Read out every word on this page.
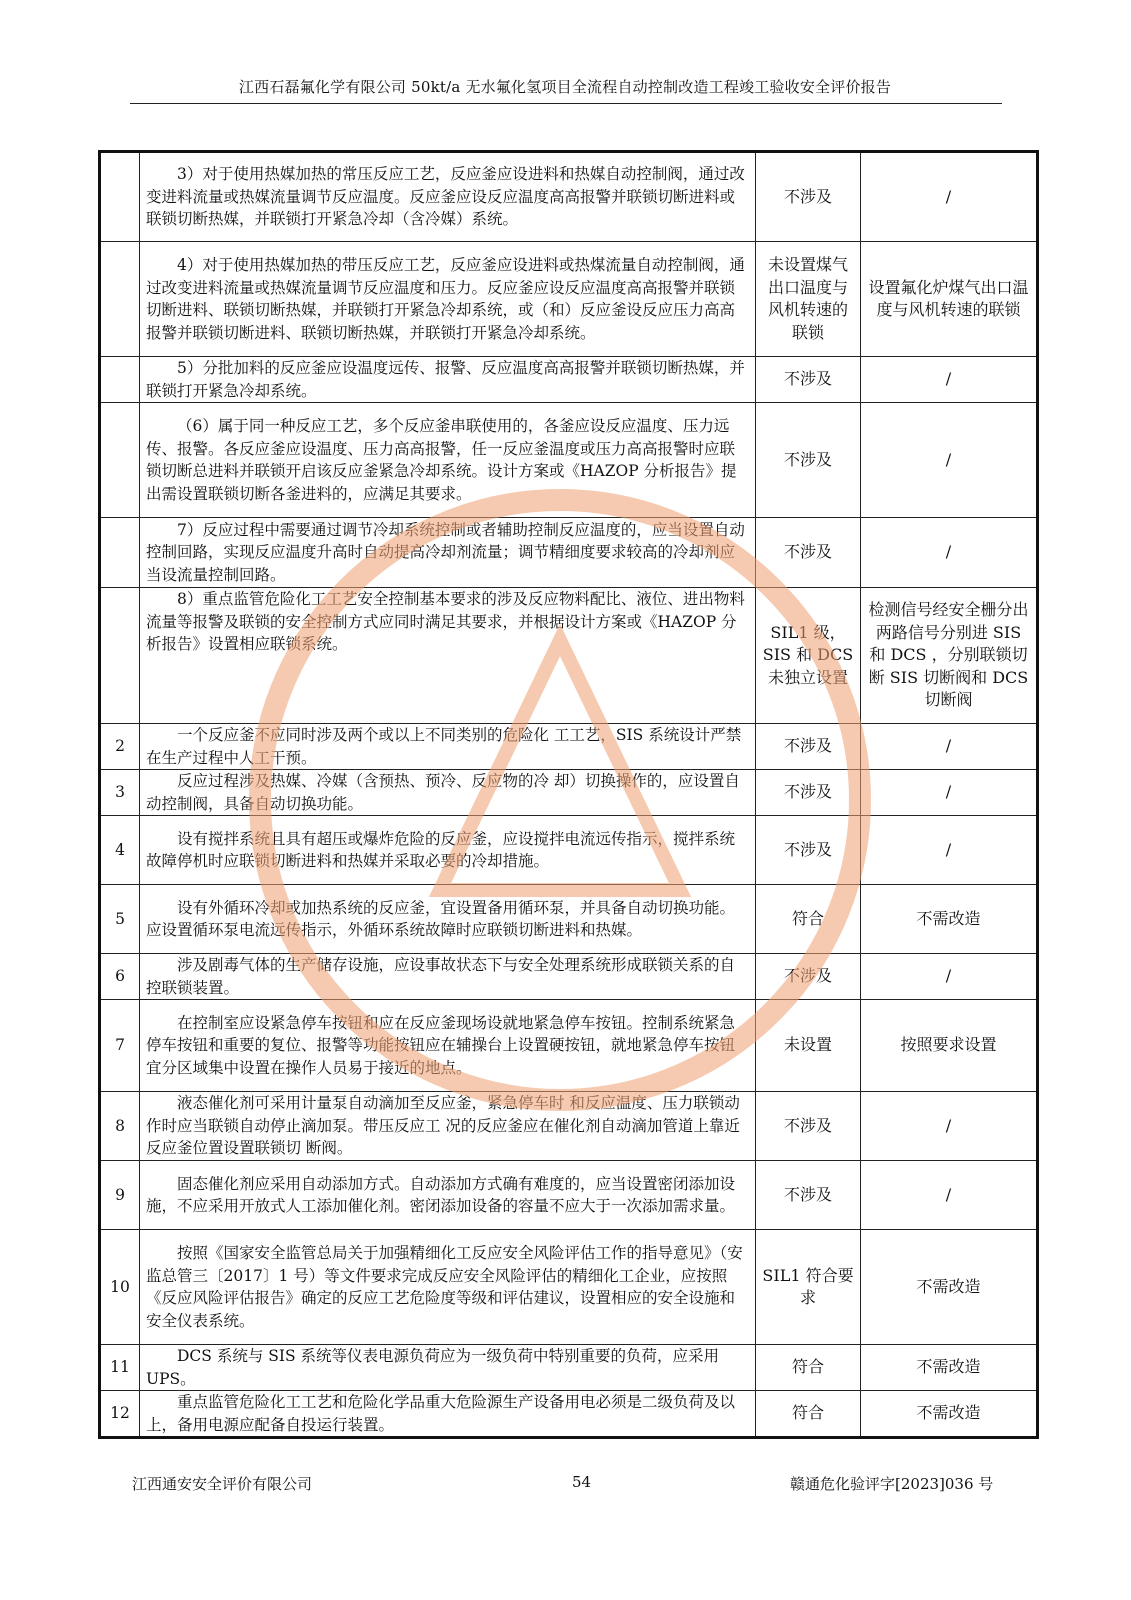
江西石磊氟化学有限公司 50kt/a 无水氟化氢项目全流程自动控制改造工程竣工验收安全评价报告
	3）对于使用热媒加热的常压反应工艺，反应釜应设进料和热媒自动控制阀，通过改变进料流量或热媒流量调节反应温度。反应釜应设反应温度高高报警并联锁切断进料或联锁切断热媒，并联锁打开紧急冷却（含冷媒）系统。	不涉及	/
	4）对于使用热媒加热的带压反应工艺，反应釜应设进料或热煤流量自动控制阀，通过改变进料流量或热媒流量调节反应温度和压力。反应釜应设反应温度高高报警并联锁切断进料、联锁切断热媒，并联锁打开紧急冷却系统，或（和）反应釜设反应压力高高报警并联锁切断进料、联锁切断热媒，并联锁打开紧急冷却系统。	未设置煤气出口温度与风机转速的联锁	设置氟化炉煤气出口温度与风机转速的联锁
	5）分批加料的反应釜应设温度远传、报警、反应温度高高报警并联锁切断热媒，并联锁打开紧急冷却系统。	不涉及	/
	（6）属于同一种反应工艺，多个反应釜串联使用的，各釜应设反应温度、压力远传、报警。各反应釜应设温度、压力高高报警，任一反应釜温度或压力高高报警时应联锁切断总进料并联锁开启该反应釜紧急冷却系统。设计方案或《HAZOP 分析报告》提出需设置联锁切断各釜进料的，应满足其要求。	不涉及	/
	7）反应过程中需要通过调节冷却系统控制或者辅助控制反应温度的，应当设置自动控制回路，实现反应温度升高时自动提高冷却剂流量；调节精细度要求较高的冷却剂应当设流量控制回路。	不涉及	/
	8）重点监管危险化工工艺安全控制基本要求的涉及反应物料配比、液位、进出物料流量等报警及联锁的安全控制方式应同时满足其要求，并根据设计方案或《HAZOP 分析报告》设置相应联锁系统。	SIL1 级，SIS 和 DCS 未独立设置	检测信号经安全栅分出两路信号分别进 SIS 和 DCS ，分别联锁切断 SIS 切断阀和 DCS 切断阀
2	一个反应釜不应同时涉及两个或以上不同类别的危险化 工工艺，SIS 系统设计严禁在生产过程中人工干预。	不涉及	/
3	反应过程涉及热媒、冷媒（含预热、预冷、反应物的冷 却）切换操作的，应设置自动控制阀，具备自动切换功能。	不涉及	/
4	设有搅拌系统且具有超压或爆炸危险的反应釜，应设搅拌电流远传指示，搅拌系统故障停机时应联锁切断进料和热媒并采取必要的冷却措施。	不涉及	/
5	设有外循环冷却或加热系统的反应釜，宜设置备用循环泵，并具备自动切换功能。应设置循环泵电流远传指示，外循环系统故障时应联锁切断进料和热媒。	符合	不需改造
6	涉及剧毒气体的生产储存设施，应设事故状态下与安全处理系统形成联锁关系的自控联锁装置。	不涉及	/
7	在控制室应设紧急停车按钮和应在反应釜现场设就地紧急停车按钮。控制系统紧急停车按钮和重要的复位、报警等功能按钮应在辅操台上设置硬按钮，就地紧急停车按钮宜分区域集中设置在操作人员易于接近的地点。	未设置	按照要求设置
8	液态催化剂可采用计量泵自动滴加至反应釜，紧急停车时 和反应温度、压力联锁动作时应当联锁自动停止滴加泵。带压反应工 况的反应釜应在催化剂自动滴加管道上靠近反应釜位置设置联锁切 断阀。	不涉及	/
9	固态催化剂应采用自动添加方式。自动添加方式确有难度的，应当设置密闭添加设施，不应采用开放式人工添加催化剂。密闭添加设备的容量不应大于一次添加需求量。	不涉及	/
10	按照《国家安全监管总局关于加强精细化工反应安全风险评估工作的指导意见》（安监总管三〔2017〕1 号）等文件要求完成反应安全风险评估的精细化工企业，应按照《反应风险评估报告》确定的反应工艺危险度等级和评估建议，设置相应的安全设施和安全仪表系统。	SIL1 符合要求	不需改造
11	DCS 系统与 SIS 系统等仪表电源负荷应为一级负荷中特别重要的负荷，应采用 UPS。	符合	不需改造
12	重点监管危险化工工艺和危险化学品重大危险源生产设备用电必须是二级负荷及以上，备用电源应配备自投运行装置。	符合	不需改造
江西通安安全评价有限公司	54	赣通危化验评字[2023]036 号
